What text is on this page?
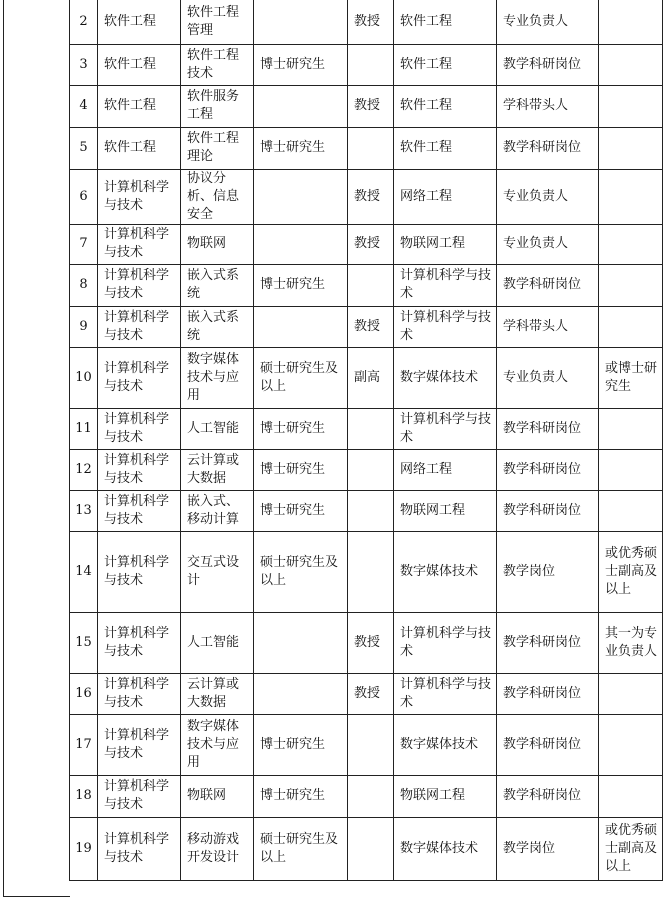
2	软件工程	软件工程管理		教授	软件工程	专业负责人	
3	软件工程	软件工程技术	博士研究生		软件工程	教学科研岗位	
4	软件工程	软件服务工程		教授	软件工程	学科带头人	
5	软件工程	软件工程理论	博士研究生		软件工程	教学科研岗位	
6	计算机科学与技术	协议分析、信息安全		教授	网络工程	专业负责人	
7	计算机科学与技术	物联网		教授	物联网工程	专业负责人	
8	计算机科学与技术	嵌入式系统	博士研究生		计算机科学与技术	教学科研岗位	
9	计算机科学与技术	嵌入式系统		教授	计算机科学与技术	学科带头人	
10	计算机科学与技术	数字媒体技术与应用	硕士研究生及以上	副高	数字媒体技术	专业负责人	或博士研究生
11	计算机科学与技术	人工智能	博士研究生		计算机科学与技术	教学科研岗位	
12	计算机科学与技术	云计算或大数据	博士研究生		网络工程	教学科研岗位	
13	计算机科学与技术	嵌入式、移动计算	博士研究生		物联网工程	教学科研岗位	
14	计算机科学与技术	交互式设计	硕士研究生及以上		数字媒体技术	教学岗位	或优秀硕士副高及以上
15	计算机科学与技术	人工智能		教授	计算机科学与技术	教学科研岗位	其一为专业负责人
16	计算机科学与技术	云计算或大数据		教授	计算机科学与技术	教学科研岗位	
17	计算机科学与技术	数字媒体技术与应用	博士研究生		数字媒体技术	教学科研岗位	
18	计算机科学与技术	物联网	博士研究生		物联网工程	教学科研岗位	
19	计算机科学与技术	移动游戏开发设计	硕士研究生及以上		数字媒体技术	教学岗位	或优秀硕士副高及以上
